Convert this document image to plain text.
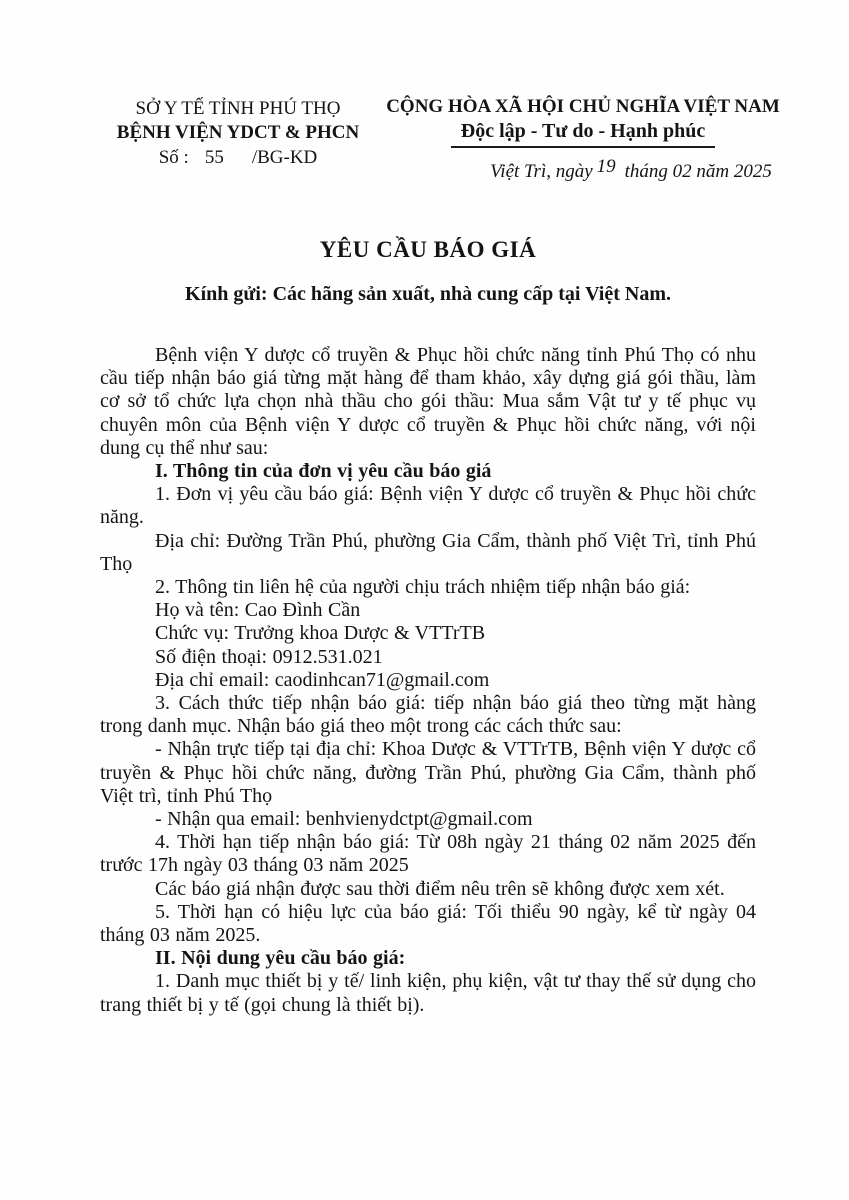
SỞ Y TẾ TỈNH PHÚ THỌ
BỆNH VIỆN YDCT & PHCN
Số : 55 /BG-KD
CỘNG HÒA XÃ HỘI CHỦ NGHĨA VIỆT NAM
Độc lập - Tư do - Hạnh phúc
Việt Trì, ngày 19 tháng 02 năm 2025
YÊU CẦU BÁO GIÁ
Kính gửi: Các hãng sản xuất, nhà cung cấp tại Việt Nam.

Bệnh viện Y dược cổ truyền & Phục hồi chức năng tỉnh Phú Thọ có nhu cầu tiếp nhận báo giá từng mặt hàng để tham khảo, xây dựng giá gói thầu, làm cơ sở tổ chức lựa chọn nhà thầu cho gói thầu: Mua sắm Vật tư y tế phục vụ chuyên môn của Bệnh viện Y dược cổ truyền & Phục hồi chức năng, với nội dung cụ thể như sau:

I. Thông tin của đơn vị yêu cầu báo giá

1. Đơn vị yêu cầu báo giá: Bệnh viện Y dược cổ truyền & Phục hồi chức năng.

Địa chỉ: Đường Trần Phú, phường Gia Cẩm, thành phố Việt Trì, tỉnh Phú Thọ

2. Thông tin liên hệ của người chịu trách nhiệm tiếp nhận báo giá:

Họ và tên: Cao Đình Cần

Chức vụ: Trưởng khoa Dược & VTTrTB

Số điện thoại: 0912.531.021

Địa chỉ email: caodinhcan71@gmail.com

3. Cách thức tiếp nhận báo giá: tiếp nhận báo giá theo từng mặt hàng trong danh mục. Nhận báo giá theo một trong các cách thức sau:

- Nhận trực tiếp tại địa chỉ: Khoa Dược & VTTrTB, Bệnh viện Y dược cổ truyền & Phục hồi chức năng, đường Trần Phú, phường Gia Cẩm, thành phố Việt trì, tỉnh Phú Thọ

- Nhận qua email: benhvienydctpt@gmail.com

4. Thời hạn tiếp nhận báo giá: Từ 08h ngày 21 tháng 02 năm 2025 đến trước 17h ngày 03 tháng 03 năm 2025

Các báo giá nhận được sau thời điểm nêu trên sẽ không được xem xét.

5. Thời hạn có hiệu lực của báo giá: Tối thiểu 90 ngày, kể từ ngày 04 tháng 03 năm 2025.

II. Nội dung yêu cầu báo giá:

1. Danh mục thiết bị y tế/ linh kiện, phụ kiện, vật tư thay thế sử dụng cho trang thiết bị y tế (gọi chung là thiết bị).
